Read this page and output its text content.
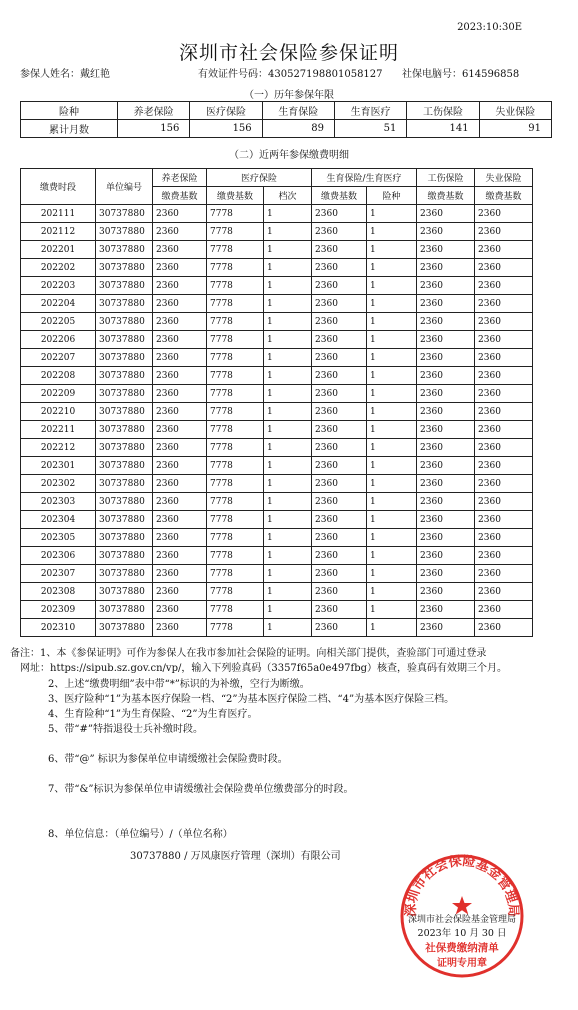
2023:10:30E
深圳市社会保险参保证明
参保人姓名：戴红艳	有效证件号码：430527198801058127 社保电脑号：614596858
（一）历年参保年限
险种	养老保险	医疗保险	生育保险	生育医疗	工伤保险	失业保险
累计月数	156	156	89	51	141	91
（二）近两年参保缴费明细
缴费时段	单位编号	养老保险	医疗保险		生育保险/生育医疗		工伤保险	失业保险
		缴费基数	缴费基数	档次	缴费基数	险种	缴费基数	缴费基数
202111	30737880	2360	7778	1	2360	1	2360	2360
202112	30737880	2360	7778	1	2360	1	2360	2360
202201	30737880	2360	7778	1	2360	1	2360	2360
202202	30737880	2360	7778	1	2360	1	2360	2360
202203	30737880	2360	7778	1	2360	1	2360	2360
202204	30737880	2360	7778	1	2360	1	2360	2360
202205	30737880	2360	7778	1	2360	1	2360	2360
202206	30737880	2360	7778	1	2360	1	2360	2360
202207	30737880	2360	7778	1	2360	1	2360	2360
202208	30737880	2360	7778	1	2360	1	2360	2360
202209	30737880	2360	7778	1	2360	1	2360	2360
202210	30737880	2360	7778	1	2360	1	2360	2360
202211	30737880	2360	7778	1	2360	1	2360	2360
202212	30737880	2360	7778	1	2360	1	2360	2360
202301	30737880	2360	7778	1	2360	1	2360	2360
202302	30737880	2360	7778	1	2360	1	2360	2360
202303	30737880	2360	7778	1	2360	1	2360	2360
202304	30737880	2360	7778	1	2360	1	2360	2360
202305	30737880	2360	7778	1	2360	1	2360	2360
202306	30737880	2360	7778	1	2360	1	2360	2360
202307	30737880	2360	7778	1	2360	1	2360	2360
202308	30737880	2360	7778	1	2360	1	2360	2360
202309	30737880	2360	7778	1	2360	1	2360	2360
202310	30737880	2360	7778	1	2360	1	2360	2360
备注：1、本《参保证明》可作为参保人在我市参加社会保险的证明。向相关部门提供，查验部门可通过登录
网址：https://sipub.sz.gov.cn/vp/，输入下列验真码（3357f65a0e497fbg）核查，验真码有效期三个月。
2、上述“缴费明细”表中带“*”标识的为补缴，空行为断缴。
3、医疗险种“1”为基本医疗保险一档、“2”为基本医疗保险二档、“4”为基本医疗保险三档。
4、生育险种“1”为生育保险、“2”为生育医疗。
5、带“#”特指退役士兵补缴时段。
6、带“@” 标识为参保单位申请缓缴社会保险费时段。
7、带“&”标识为参保单位申请缓缴社会保险费单位缴费部分的时段。
8、单位信息：（单位编号）/（单位名称）
30737880 / 万凤康医疗管理（深圳）有限公司
深圳市社会保险基金管理局
深圳市社会保险基金管理局
2023年 10 月 30 日
社保费缴纳清单
证明专用章
